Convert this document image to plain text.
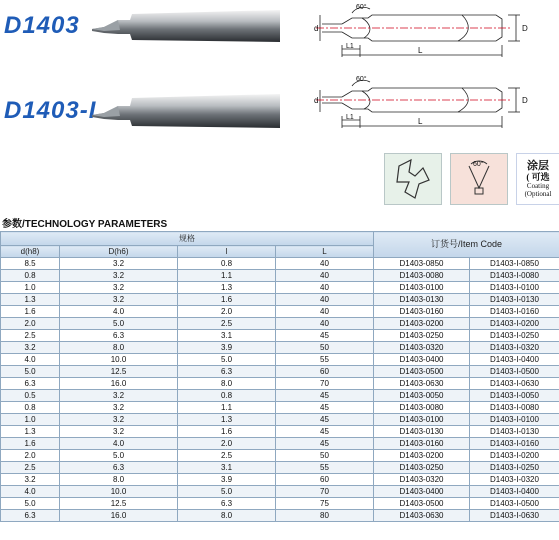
D1403
D1403-I
60°
d	D
L1	L
60°
d	D
L1	L
60°	涂层
( 可选
Coating
(Optional
参数/TECHNOLOGY PARAMETERS
规格				订货号/Item Code	
d(h8)	D(h6)	l	L		
8.5	3.2	0.8	40	D1403-0850	D1403-I-0850
0.8	3.2	1.1	40	D1403-0080	D1403-I-0080
1.0	3.2	1.3	40	D1403-0100	D1403-I-0100
1.3	3.2	1.6	40	D1403-0130	D1403-I-0130
1.6	4.0	2.0	40	D1403-0160	D1403-I-0160
2.0	5.0	2.5	40	D1403-0200	D1403-I-0200
2.5	6.3	3.1	45	D1403-0250	D1403-I-0250
3.2	8.0	3.9	50	D1403-0320	D1403-I-0320
4.0	10.0	5.0	55	D1403-0400	D1403-I-0400
5.0	12.5	6.3	60	D1403-0500	D1403-I-0500
6.3	16.0	8.0	70	D1403-0630	D1403-I-0630
0.5	3.2	0.8	45	D1403-0050	D1403-I-0050
0.8	3.2	1.1	45	D1403-0080	D1403-I-0080
1.0	3.2	1.3	45	D1403-0100	D1403-I-0100
1.3	3.2	1.6	45	D1403-0130	D1403-I-0130
1.6	4.0	2.0	45	D1403-0160	D1403-I-0160
2.0	5.0	2.5	50	D1403-0200	D1403-I-0200
2.5	6.3	3.1	55	D1403-0250	D1403-I-0250
3.2	8.0	3.9	60	D1403-0320	D1403-I-0320
4.0	10.0	5.0	70	D1403-0400	D1403-I-0400
5.0	12.5	6.3	75	D1403-0500	D1403-I-0500
6.3	16.0	8.0	80	D1403-0630	D1403-I-0630
